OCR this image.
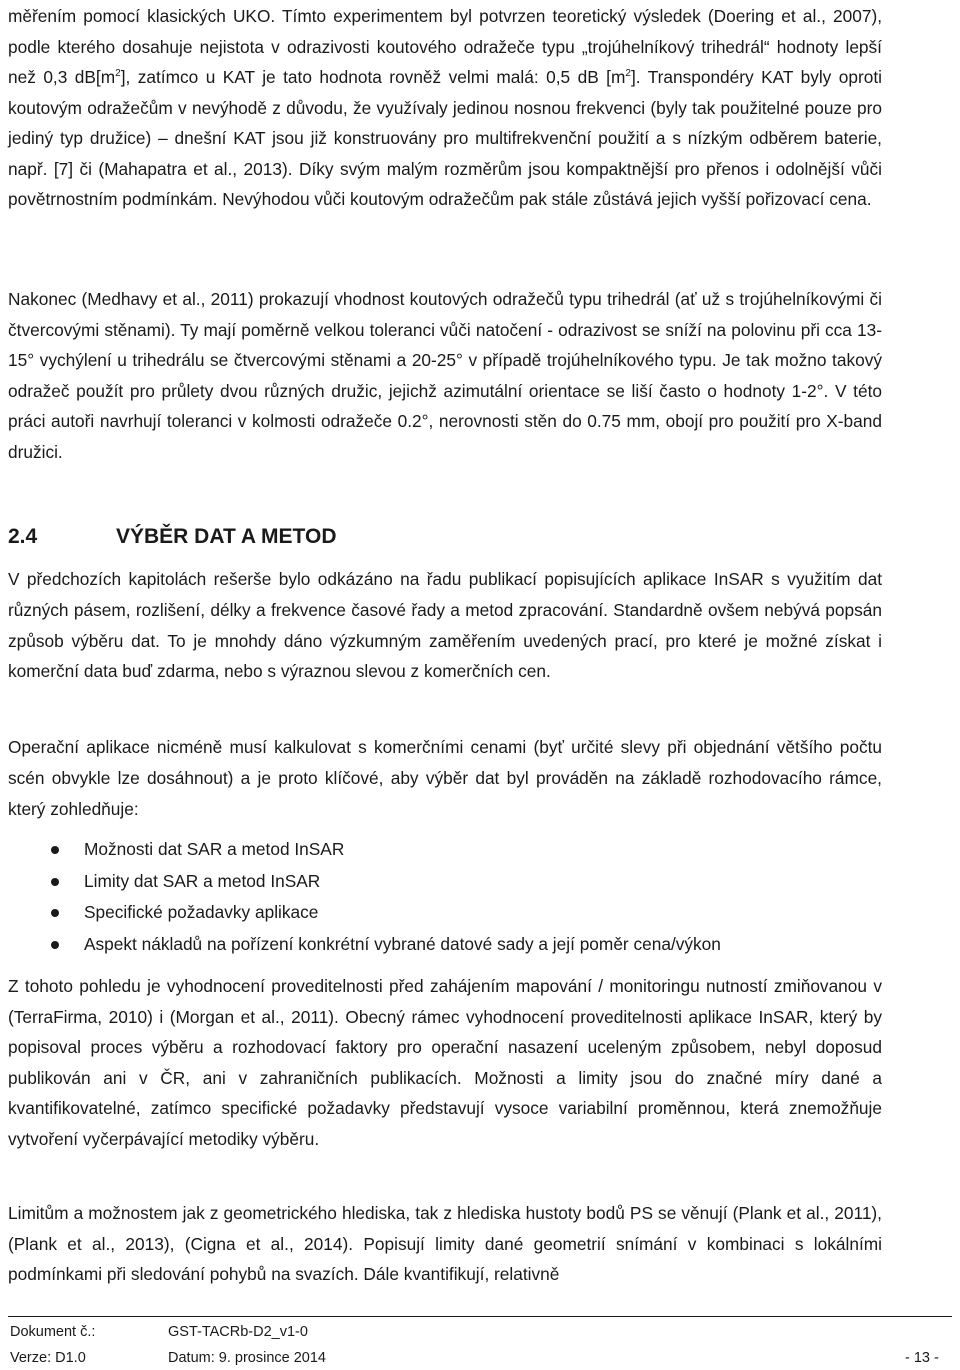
měřením pomocí klasických UKO. Tímto experimentem byl potvrzen teoretický výsledek (Doering et al., 2007), podle kterého dosahuje nejistota v odrazivosti koutového odražeče typu „trojúhelníkový trihedrál“ hodnoty lepší než 0,3 $dB[m^2]$, zatímco u KAT je tato hodnota rovněž velmi malá: 0,5 dB $[m^2]$. Transpondéry KAT byly oproti koutovým odražečům v nevýhodě z důvodu, že využívaly jedinou nosnou frekvenci (byly tak použitelné pouze pro jediný typ družice) – dnešní KAT jsou již konstruovány pro multifrekvenční použití a s nízkým odběrem baterie, např. [7] či (Mahapatra et al., 2013). Díky svým malým rozměrům jsou kompaktnější pro přenos i odolnější vůči povětrnostním podmínkám. Nevýhodou vůči koutovým odražečům pak stále zůstává jejich vyšší pořizovací cena.

Nakonec (Medhavy et al., 2011) prokazují vhodnost koutových odražečů typu trihedrál (ať už s trojúhelníkovými či čtvercovými stěnami). Ty mají poměrně velkou toleranci vůči natočení - odrazivost se sníží na polovinu při cca 13-15° vychýlení u trihedrálu se čtvercovými stěnami a 20-25° v případě trojúhelníkového typu. Je tak možno takový odražeč použít pro průlety dvou různých družic, jejichž azimutální orientace se liší často o hodnoty 1-2°. V této práci autoři navrhují toleranci v kolmosti odražeče 0.2°, nerovnosti stěn do 0.75 mm, obojí pro použití pro X-band družici.

2.4	VÝBĚR DAT A METOD

V předchozích kapitolách rešerše bylo odkázáno na řadu publikací popisujících aplikace InSAR s využitím dat různých pásem, rozlišení, délky a frekvence časové řady a metod zpracování. Standardně ovšem nebývá popsán způsob výběru dat. To je mnohdy dáno výzkumným zaměřením uvedených prací, pro které je možné získat i komerční data buď zdarma, nebo s výraznou slevou z komerčních cen.

Operační aplikace nicméně musí kalkulovat s komerčními cenami (byť určité slevy při objednání většího počtu scén obvykle lze dosáhnout) a je proto klíčové, aby výběr dat byl prováděn na základě rozhodovacího rámce, který zohledňuje:

Možnosti dat SAR a metod InSAR
Limity dat SAR a metod InSAR
Specifické požadavky aplikace
Aspekt nákladů na pořízení konkrétní vybrané datové sady a její poměr cena/výkon

Z tohoto pohledu je vyhodnocení proveditelnosti před zahájením mapování / monitoringu nutností zmiňovanou v (TerraFirma, 2010) i (Morgan et al., 2011). Obecný rámec vyhodnocení proveditelnosti aplikace InSAR, který by popisoval proces výběru a rozhodovací faktory pro operační nasazení uceleným způsobem, nebyl doposud publikován ani v ČR, ani v zahraničních publikacích. Možnosti a limity jsou do značné míry dané a kvantifikovatelné, zatímco specifické požadavky představují vysoce variabilní proměnnou, která znemožňuje vytvoření vyčerpávající metodiky výběru.

Limitům a možnostem jak z geometrického hlediska, tak z hlediska hustoty bodů PS se věnují (Plank et al., 2011), (Plank et al., 2013), (Cigna et al., 2014). Popisují limity dané geometrií snímání v kombinaci s lokálními podmínkami při sledování pohybů na svazích. Dále kvantifikují, relativně

Dokument č.:	GST-TACRb-D2_v1-0
Verze: D1.0	Datum: 9. prosince 2014	- 13 -
